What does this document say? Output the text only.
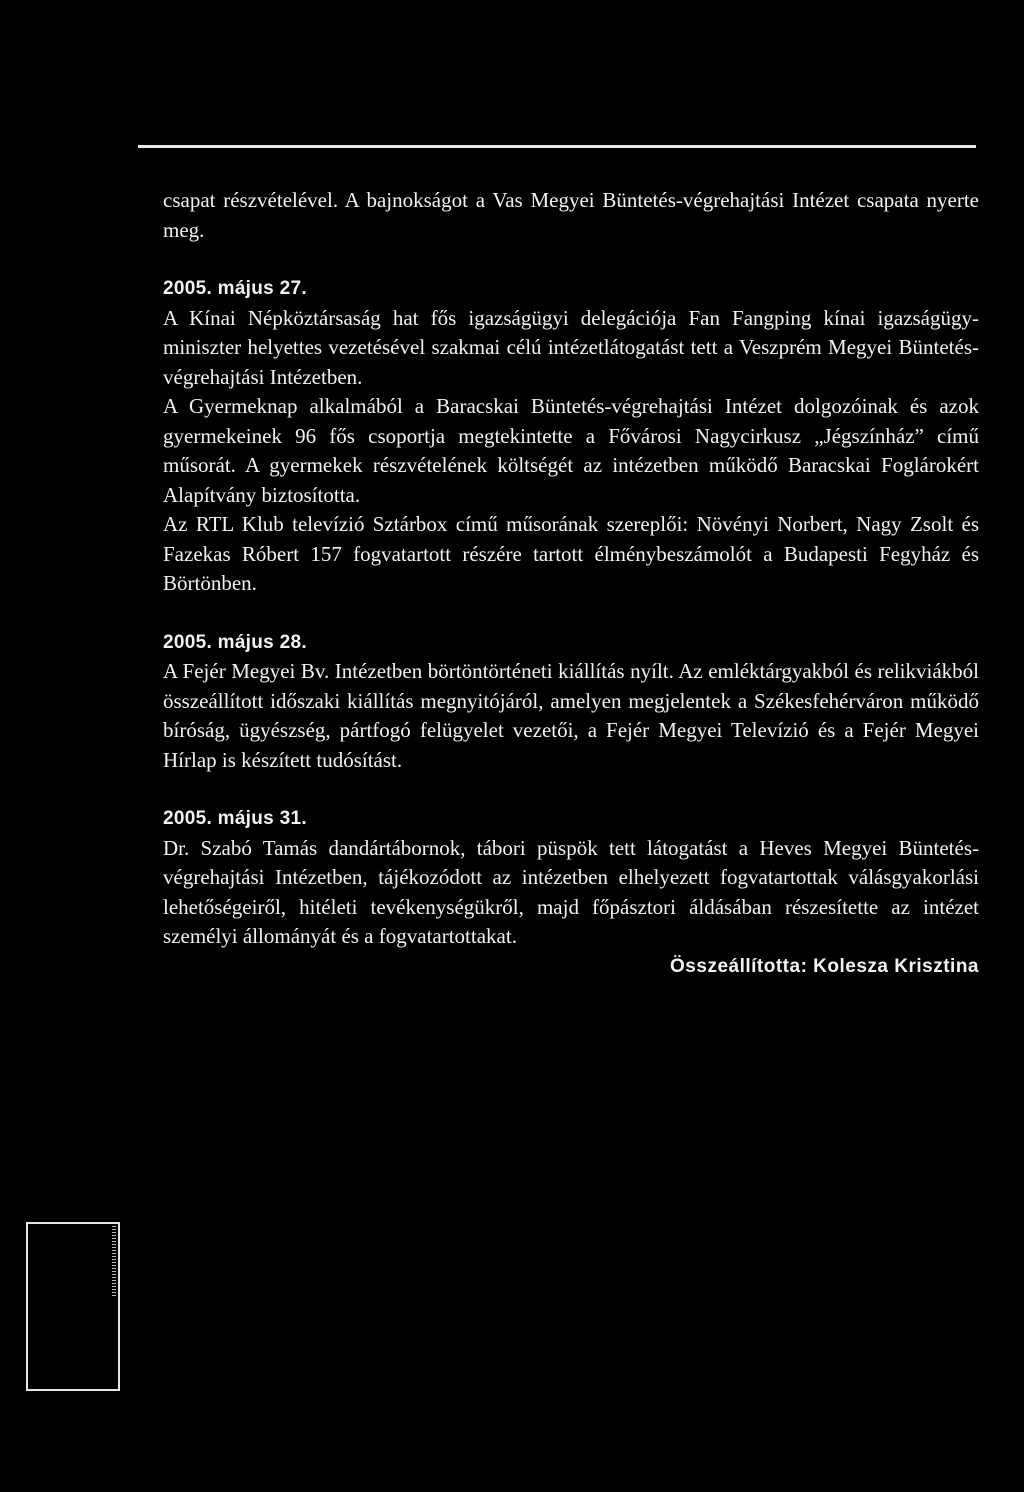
csapat részvételével. A bajnokságot a Vas Megyei Büntetés-végrehajtási Intézet csapata nyerte meg.

2005. május 27.

A Kínai Népköztársaság hat fős igazságügyi delegációja Fan Fangping kínai igazságügy-miniszter helyettes vezetésével szakmai célú intézetlátogatást tett a Veszprém Megyei Büntetés-végrehajtási Intézetben.

A Gyermeknap alkalmából a Baracskai Büntetés-végrehajtási Intézet dolgozóinak és azok gyermekeinek 96 fős csoportja megtekintette a Fővárosi Nagycirkusz „Jégszínház” című műsorát. A gyermekek részvételének költségét az intézetben működő Baracskai Foglárokért Alapítvány biztosította.

Az RTL Klub televízió Sztárbox című műsorának szereplői: Növényi Norbert, Nagy Zsolt és Fazekas Róbert 157 fogvatartott részére tartott élménybeszámolót a Budapesti Fegyház és Börtönben.

2005. május 28.

A Fejér Megyei Bv. Intézetben börtöntörténeti kiállítás nyílt. Az emléktárgyakból és relikviákból összeállított időszaki kiállítás megnyitójáról, amelyen megjelentek a Székesfehérváron működő bíróság, ügyészség, pártfogó felügyelet vezetői, a Fejér Megyei Televízió és a Fejér Megyei Hírlap is készített tudósítást.

2005. május 31.

Dr. Szabó Tamás dandártábornok, tábori püspök tett látogatást a Heves Megyei Büntetés-végrehajtási Intézetben, tájékozódott az intézetben elhelyezett fogvatartottak válásgyakorlási lehetőségeiről, hitéleti tevékenységükről, majd főpásztori áldásában részesítette az intézet személyi állományát és a fogvatartottakat.

Összeállította: Kolesza Krisztina
